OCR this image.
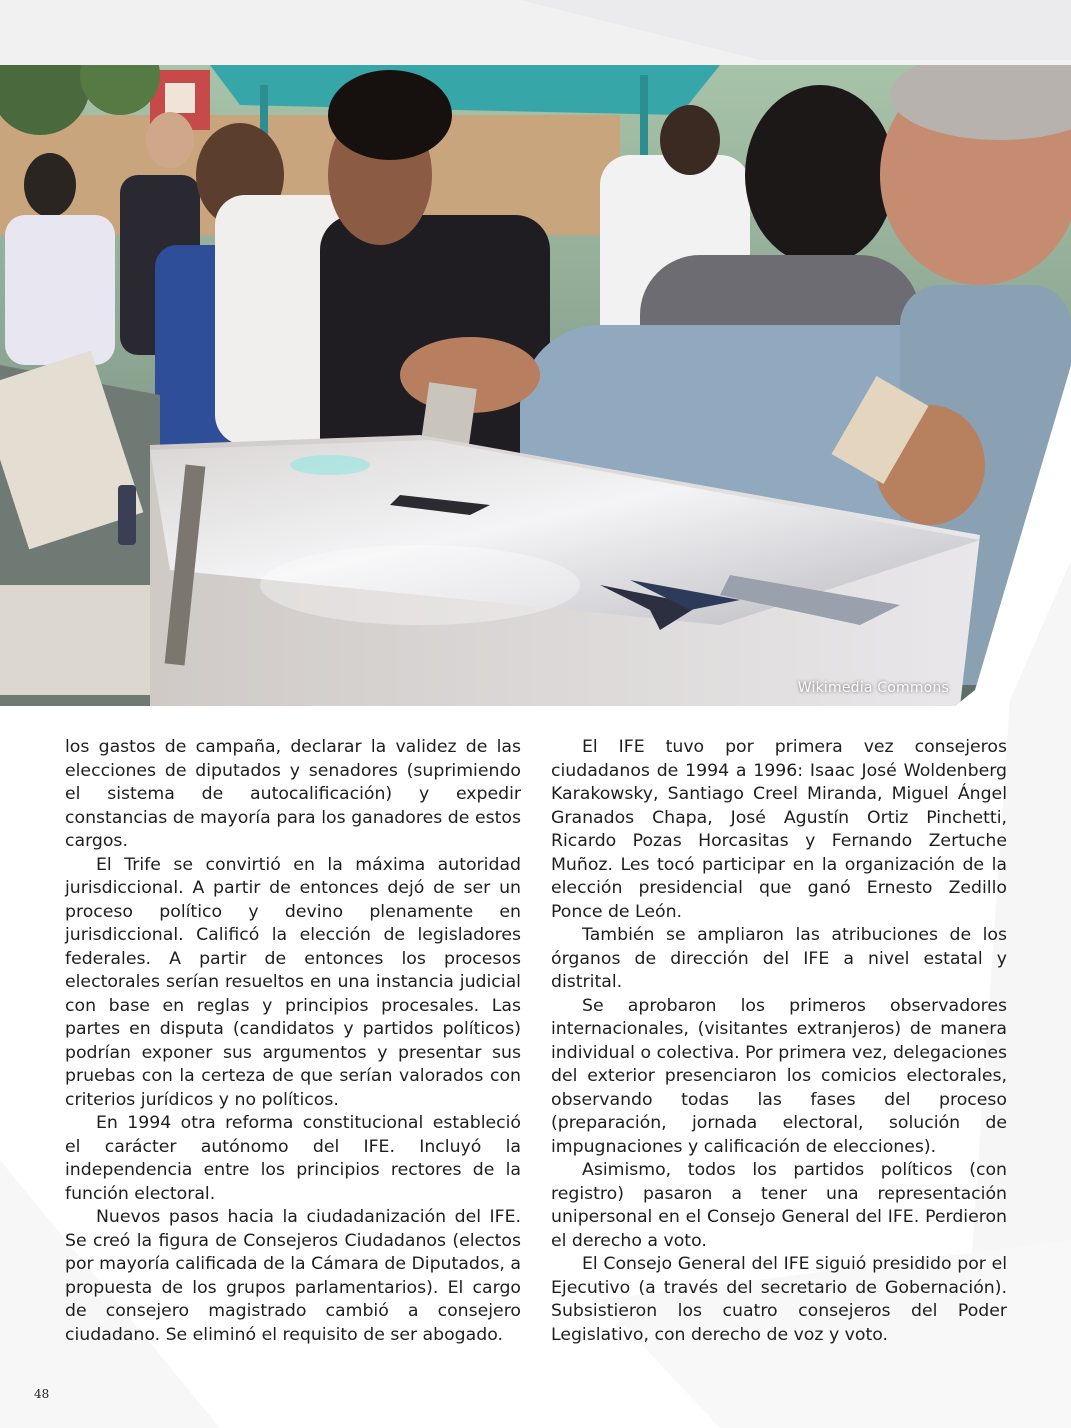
Wikimedia Commons

los gastos de campaña, declarar la validez de las elecciones de diputados y senadores (suprimiendo el sistema de autocalificación) y expedir constancias de mayoría para los ganadores de estos cargos.

El Trife se convirtió en la máxima autoridad jurisdiccional. A partir de entonces dejó de ser un proceso político y devino plenamente en jurisdiccional. Calificó la elección de legisladores federales. A partir de entonces los procesos electorales serían resueltos en una instancia judicial con base en reglas y principios procesales. Las partes en disputa (candidatos y partidos políticos) podrían exponer sus argumentos y presentar sus pruebas con la certeza de que serían valorados con criterios jurídicos y no políticos.

En 1994 otra reforma constitucional estableció el carácter autónomo del IFE. Incluyó la independencia entre los principios rectores de la función electoral.

Nuevos pasos hacia la ciudadanización del IFE. Se creó la figura de Consejeros Ciudadanos (electos por mayoría calificada de la Cámara de Diputados, a propuesta de los grupos parlamentarios). El cargo de consejero magistrado cambió a consejero ciudadano. Se eliminó el requisito de ser abogado.

El IFE tuvo por primera vez consejeros ciudadanos de 1994 a 1996: Isaac José Woldenberg Karakowsky, Santiago Creel Miranda, Miguel Ángel Granados Chapa, José Agustín Ortiz Pinchetti, Ricardo Pozas Horcasitas y Fernando Zertuche Muñoz. Les tocó participar en la organización de la elección presidencial que ganó Ernesto Zedillo Ponce de León.

También se ampliaron las atribuciones de los órganos de dirección del IFE a nivel estatal y distrital.

Se aprobaron los primeros observadores internacionales, (visitantes extranjeros) de manera individual o colectiva. Por primera vez, delegaciones del exterior presenciaron los comicios electorales, observando todas las fases del proceso (preparación, jornada electoral, solución de impugnaciones y calificación de elecciones).

Asimismo, todos los partidos políticos (con registro) pasaron a tener una representación unipersonal en el Consejo General del IFE. Perdieron el derecho a voto.

El Consejo General del IFE siguió presidido por el Ejecutivo (a través del secretario de Gobernación). Subsistieron los cuatro consejeros del Poder Legislativo, con derecho de voz y voto.

48
